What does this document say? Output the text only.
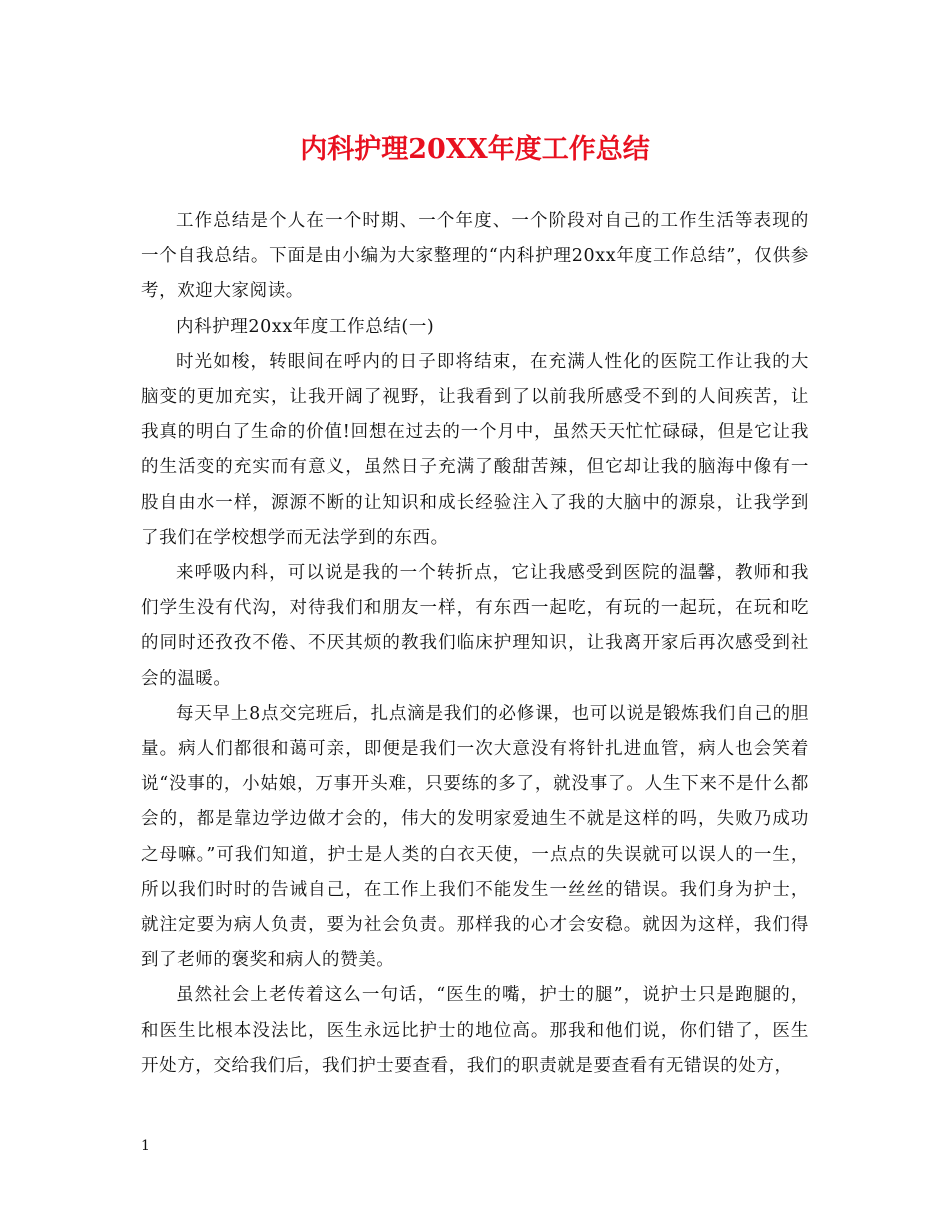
内科护理20XX年度工作总结

工作总结是个人在一个时期、一个年度、一个阶段对自己的工作生活等表现的一个自我总结。下面是由小编为大家整理的“内科护理20xx年度工作总结”，仅供参考，欢迎大家阅读。

内科护理20xx年度工作总结(一)

时光如梭，转眼间在呼内的日子即将结束，在充满人性化的医院工作让我的大脑变的更加充实，让我开阔了视野，让我看到了以前我所感受不到的人间疾苦，让我真的明白了生命的价值!回想在过去的一个月中，虽然天天忙忙碌碌，但是它让我的生活变的充实而有意义，虽然日子充满了酸甜苦辣，但它却让我的脑海中像有一股自由水一样，源源不断的让知识和成长经验注入了我的大脑中的源泉，让我学到了我们在学校想学而无法学到的东西。

来呼吸内科，可以说是我的一个转折点，它让我感受到医院的温馨，教师和我们学生没有代沟，对待我们和朋友一样，有东西一起吃，有玩的一起玩，在玩和吃的同时还孜孜不倦、不厌其烦的教我们临床护理知识，让我离开家后再次感受到社会的温暖。

每天早上8点交完班后，扎点滴是我们的必修课，也可以说是锻炼我们自己的胆量。病人们都很和蔼可亲，即便是我们一次大意没有将针扎进血管，病人也会笑着说“没事的，小姑娘，万事开头难，只要练的多了，就没事了。人生下来不是什么都会的，都是靠边学边做才会的，伟大的发明家爱迪生不就是这样的吗，失败乃成功之母嘛。”可我们知道，护士是人类的白衣天使，一点点的失误就可以误人的一生，所以我们时时的告诫自己，在工作上我们不能发生一丝丝的错误。我们身为护士，就注定要为病人负责，要为社会负责。那样我的心才会安稳。就因为这样，我们得到了老师的褒奖和病人的赞美。

虽然社会上老传着这么一句话，“医生的嘴，护士的腿”，说护士只是跑腿的，和医生比根本没法比，医生永远比护士的地位高。那我和他们说，你们错了，医生开处方，交给我们后，我们护士要查看，我们的职责就是要查看有无错误的处方，

1
